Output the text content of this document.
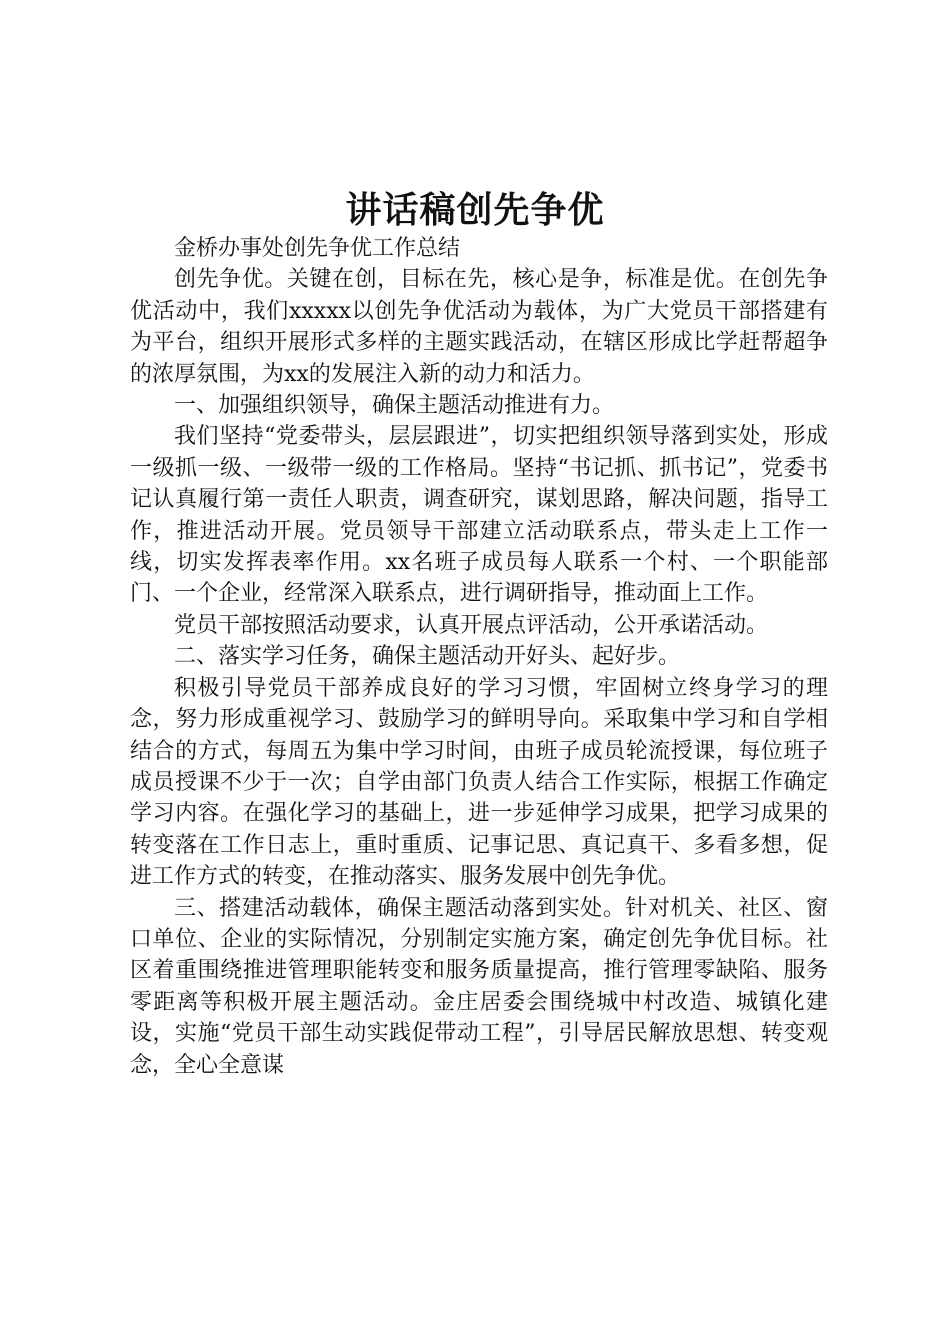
讲话稿创先争优

金桥办事处创先争优工作总结

创先争优。关键在创，目标在先，核心是争，标准是优。在创先争优活动中，我们xxxxx以创先争优活动为载体，为广大党员干部搭建有为平台，组织开展形式多样的主题实践活动，在辖区形成比学赶帮超争的浓厚氛围，为xx的发展注入新的动力和活力。

一、加强组织领导，确保主题活动推进有力。

我们坚持“党委带头，层层跟进”，切实把组织领导落到实处，形成一级抓一级、一级带一级的工作格局。坚持“书记抓、抓书记”，党委书记认真履行第一责任人职责，调查研究，谋划思路，解决问题，指导工作，推进活动开展。党员领导干部建立活动联系点，带头走上工作一线，切实发挥表率作用。xx名班子成员每人联系一个村、一个职能部门、一个企业，经常深入联系点，进行调研指导，推动面上工作。

党员干部按照活动要求，认真开展点评活动，公开承诺活动。

二、落实学习任务，确保主题活动开好头、起好步。

积极引导党员干部养成良好的学习习惯，牢固树立终身学习的理念，努力形成重视学习、鼓励学习的鲜明导向。采取集中学习和自学相结合的方式，每周五为集中学习时间，由班子成员轮流授课，每位班子成员授课不少于一次；自学由部门负责人结合工作实际，根据工作确定学习内容。在强化学习的基础上，进一步延伸学习成果，把学习成果的转变落在工作日志上，重时重质、记事记思、真记真干、多看多想，促进工作方式的转变，在推动落实、服务发展中创先争优。

三、搭建活动载体，确保主题活动落到实处。针对机关、社区、窗口单位、企业的实际情况，分别制定实施方案，确定创先争优目标。社区着重围绕推进管理职能转变和服务质量提高，推行管理零缺陷、服务零距离等积极开展主题活动。金庄居委会围绕城中村改造、城镇化建设，实施“党员干部生动实践促带动工程”，引导居民解放思想、转变观念，全心全意谋
